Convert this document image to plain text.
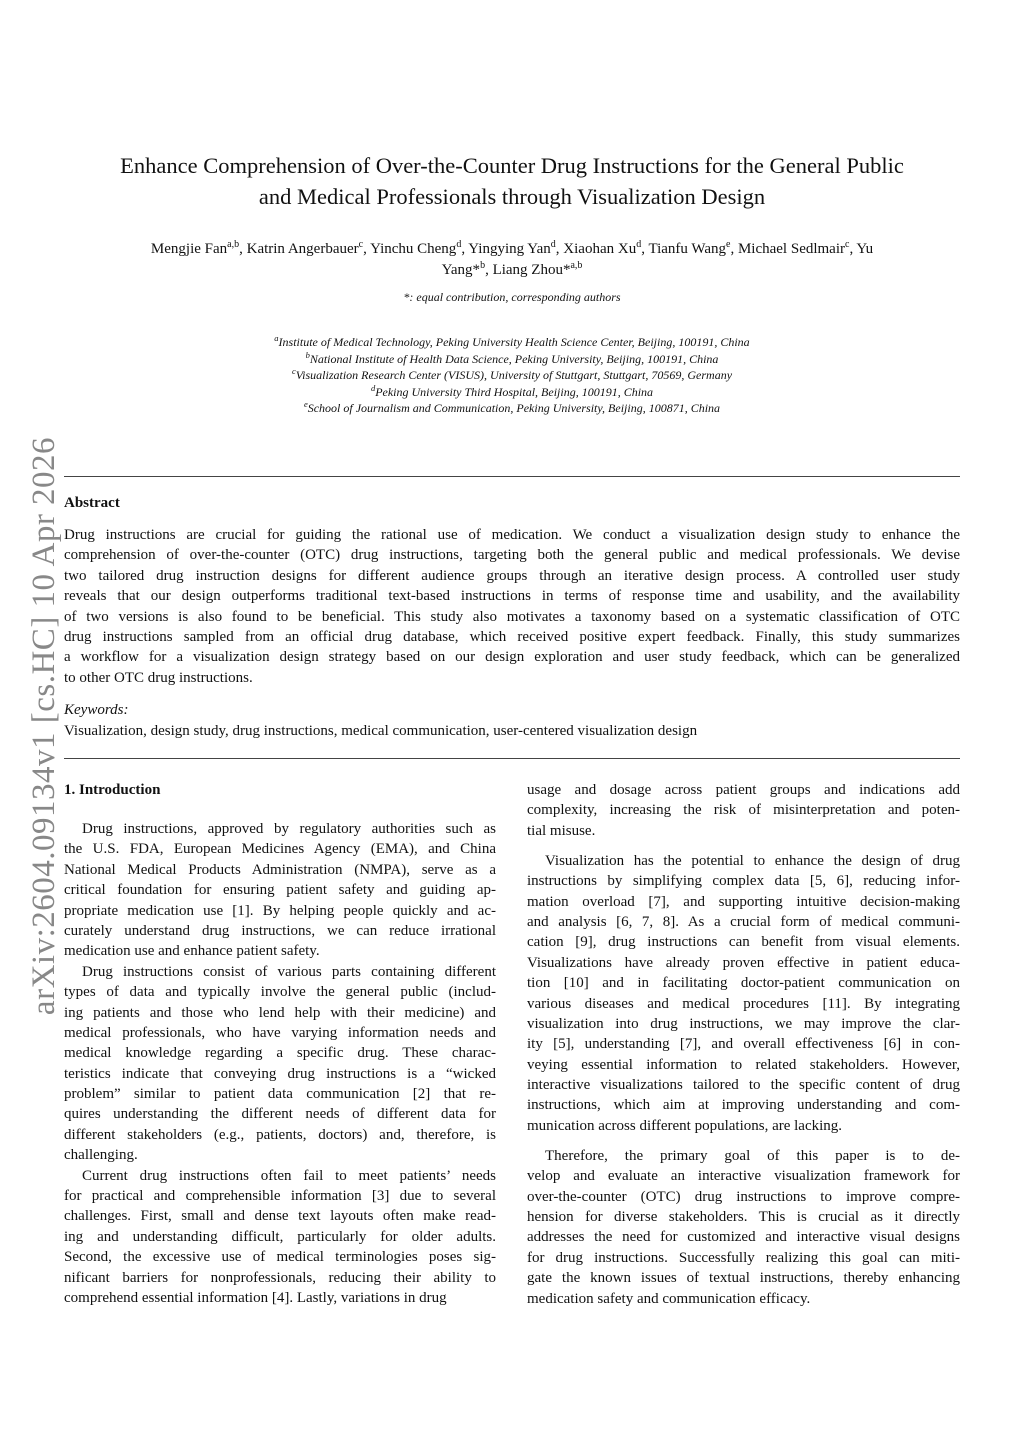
arXiv:2604.09134v1 [cs.HC] 10 Apr 2026
Enhance Comprehension of Over-the-Counter Drug Instructions for the General Public
and Medical Professionals through Visualization Design
Mengjie Fan$^{a,b}$, Katrin Angerbauer$^c$, Yinchu Cheng$^d$, Yingying Yan$^d$, Xiaohan Xu$^d$, Tianfu Wang$^e$, Michael Sedlmair$^c$, Yu
Yang*$^b$, Liang Zhou*$^{a,b}$
*: equal contribution, corresponding authors
$^a$Institute of Medical Technology, Peking University Health Science Center, Beijing, 100191, China
$^b$National Institute of Health Data Science, Peking University, Beijing, 100191, China
$^c$Visualization Research Center (VISUS), University of Stuttgart, Stuttgart, 70569, Germany
$^d$Peking University Third Hospital, Beijing, 100191, China
$^e$School of Journalism and Communication, Peking University, Beijing, 100871, China
Abstract
Drug instructions are crucial for guiding the rational use of medication. We conduct a visualization design study to enhance the
comprehension of over-the-counter (OTC) drug instructions, targeting both the general public and medical professionals. We devise
two tailored drug instruction designs for different audience groups through an iterative design process. A controlled user study
reveals that our design outperforms traditional text-based instructions in terms of response time and usability, and the availability
of two versions is also found to be beneficial. This study also motivates a taxonomy based on a systematic classification of OTC
drug instructions sampled from an official drug database, which received positive expert feedback. Finally, this study summarizes
a workflow for a visualization design strategy based on our design exploration and user study feedback, which can be generalized
to other OTC drug instructions.
Keywords:
Visualization, design study, drug instructions, medical communication, user-centered visualization design
1. Introduction
Drug instructions, approved by regulatory authorities such as
the U.S. FDA, European Medicines Agency (EMA), and China
National Medical Products Administration (NMPA), serve as a
critical foundation for ensuring patient safety and guiding ap-
propriate medication use [1]. By helping people quickly and ac-
curately understand drug instructions, we can reduce irrational
medication use and enhance patient safety.
Drug instructions consist of various parts containing different
types of data and typically involve the general public (includ-
ing patients and those who lend help with their medicine) and
medical professionals, who have varying information needs and
medical knowledge regarding a specific drug. These charac-
teristics indicate that conveying drug instructions is a “wicked
problem” similar to patient data communication [2] that re-
quires understanding the different needs of different data for
different stakeholders (e.g., patients, doctors) and, therefore, is
challenging.
Current drug instructions often fail to meet patients’ needs
for practical and comprehensible information [3] due to several
challenges. First, small and dense text layouts often make read-
ing and understanding difficult, particularly for older adults.
Second, the excessive use of medical terminologies poses sig-
nificant barriers for nonprofessionals, reducing their ability to
comprehend essential information [4]. Lastly, variations in drug
usage and dosage across patient groups and indications add
complexity, increasing the risk of misinterpretation and poten-
tial misuse.
Visualization has the potential to enhance the design of drug
instructions by simplifying complex data [5, 6], reducing infor-
mation overload [7], and supporting intuitive decision-making
and analysis [6, 7, 8]. As a crucial form of medical communi-
cation [9], drug instructions can benefit from visual elements.
Visualizations have already proven effective in patient educa-
tion [10] and in facilitating doctor-patient communication on
various diseases and medical procedures [11]. By integrating
visualization into drug instructions, we may improve the clar-
ity [5], understanding [7], and overall effectiveness [6] in con-
veying essential information to related stakeholders. However,
interactive visualizations tailored to the specific content of drug
instructions, which aim at improving understanding and com-
munication across different populations, are lacking.
Therefore, the primary goal of this paper is to de-
velop and evaluate an interactive visualization framework for
over-the-counter (OTC) drug instructions to improve compre-
hension for diverse stakeholders. This is crucial as it directly
addresses the need for customized and interactive visual designs
for drug instructions. Successfully realizing this goal can miti-
gate the known issues of textual instructions, thereby enhancing
medication safety and communication efficacy.
